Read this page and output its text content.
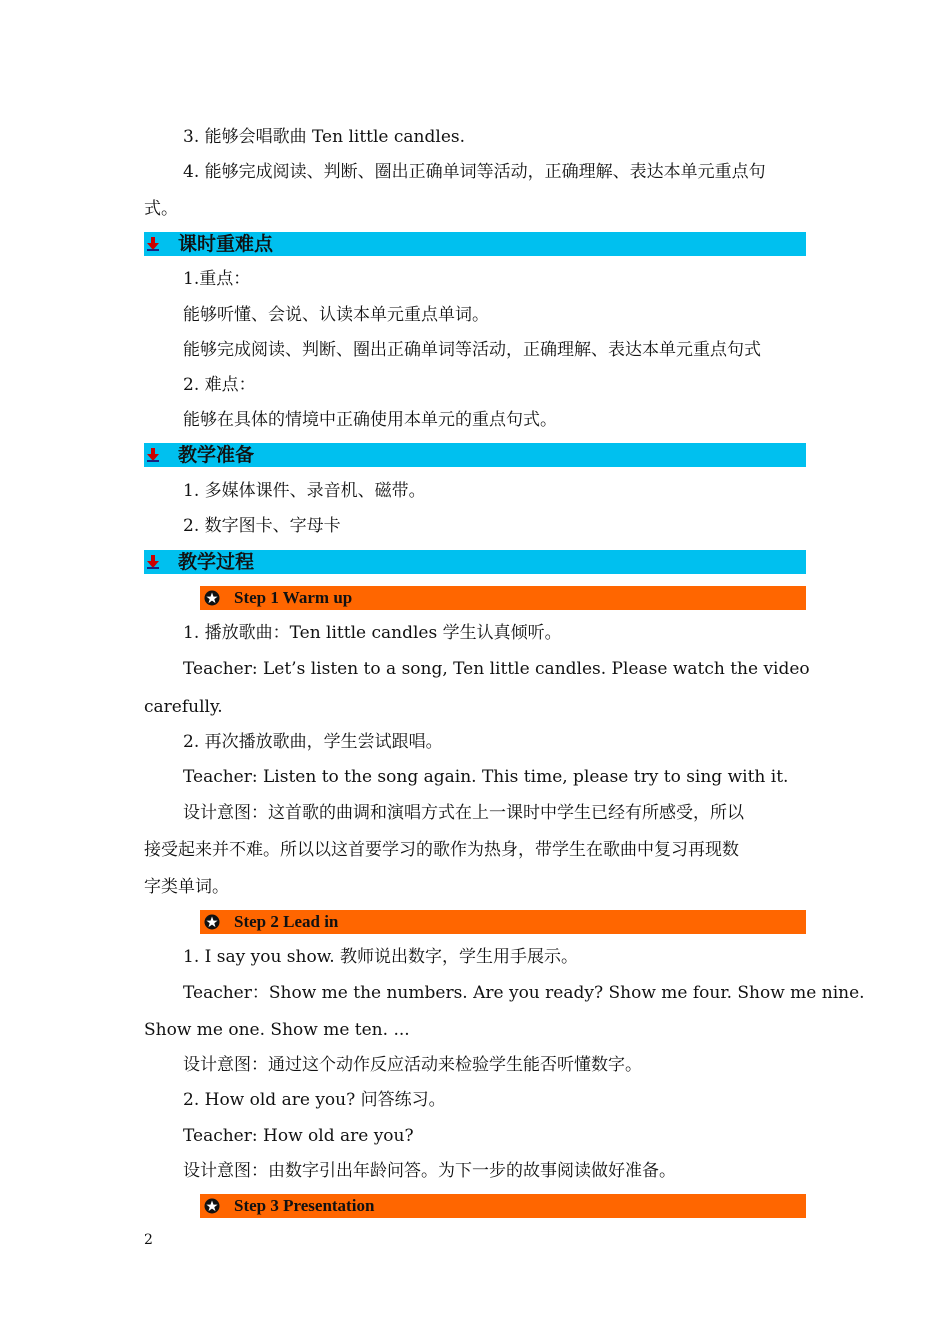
3. 能够会唱歌曲 Ten little candles.
4. 能够完成阅读、判断、圈出正确单词等活动，正确理解、表达本单元重点句
式。
课时重难点
1.重点：
能够听懂、会说、认读本单元重点单词。
能够完成阅读、判断、圈出正确单词等活动，正确理解、表达本单元重点句式
2. 难点：
能够在具体的情境中正确使用本单元的重点句式。
教学准备
1. 多媒体课件、录音机、磁带。
2. 数字图卡、字母卡
教学过程
Step 1 Warm up
1. 播放歌曲：Ten little candles 学生认真倾听。
Teacher: Let’s listen to a song, Ten little candles. Please watch the video
carefully.
2. 再次播放歌曲，学生尝试跟唱。
Teacher: Listen to the song again. This time, please try to sing with it.
设计意图：这首歌的曲调和演唱方式在上一课时中学生已经有所感受，所以
接受起来并不难。所以以这首要学习的歌作为热身，带学生在歌曲中复习再现数
字类单词。
Step 2 Lead in
1. I say you show. 教师说出数字，学生用手展示。
Teacher：Show me the numbers. Are you ready? Show me four. Show me nine.
Show me one. Show me ten. ...
设计意图：通过这个动作反应活动来检验学生能否听懂数字。
2. How old are you? 问答练习。
Teacher: How old are you?
设计意图：由数字引出年龄问答。为下一步的故事阅读做好准备。
Step 3 Presentation
2
